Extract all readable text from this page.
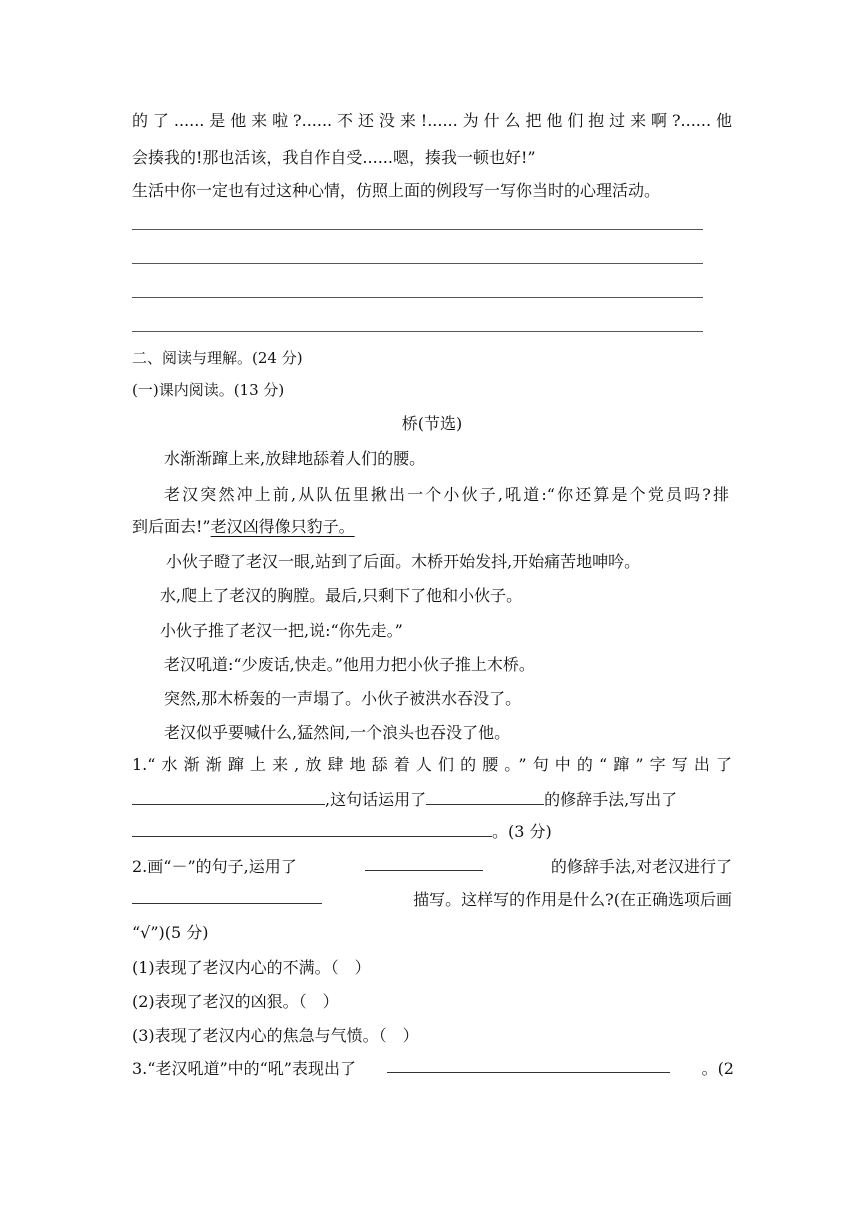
的了......是他来啦?......不还没来!......为什么把他们抱过来啊?......他
会揍我的!那也活该，我自作自受......嗯，揍我一顿也好!”
生活中你一定也有过这种心情，仿照上面的例段写一写你当时的心理活动。
二、阅读与理解。(24 分)
(一)课内阅读。(13 分)
桥(节选)
水渐渐蹿上来,放肆地舔着人们的腰。
老汉突然冲上前,从队伍里揪出一个小伙子,吼道:“你还算是个党员吗?排
到后面去!”老汉凶得像只豹子。
小伙子瞪了老汉一眼,站到了后面。木桥开始发抖,开始痛苦地呻吟。
水,爬上了老汉的胸膛。最后,只剩下了他和小伙子。
小伙子推了老汉一把,说:“你先走。”
老汉吼道:“少废话,快走。”他用力把小伙子推上木桥。
突然,那木桥轰的一声塌了。小伙子被洪水吞没了。
老汉似乎要喊什么,猛然间,一个浪头也吞没了他。
1.“水渐渐蹿上来,放肆地舔着人们的腰。”句中的“蹿”字写出了
,这句话运用了	的修辞手法,写出了
。(3 分)
2.画“－”的句子,运用了	的修辞手法,对老汉进行了
描写。这样写的作用是什么?(在正确选项后画
“√”)(5 分)
(1)表现了老汉内心的不满。（　）
(2)表现了老汉的凶狠。（　）
(3)表现了老汉内心的焦急与气愤。（　）
3.“老汉吼道”中的“吼”表现出了	。(2
